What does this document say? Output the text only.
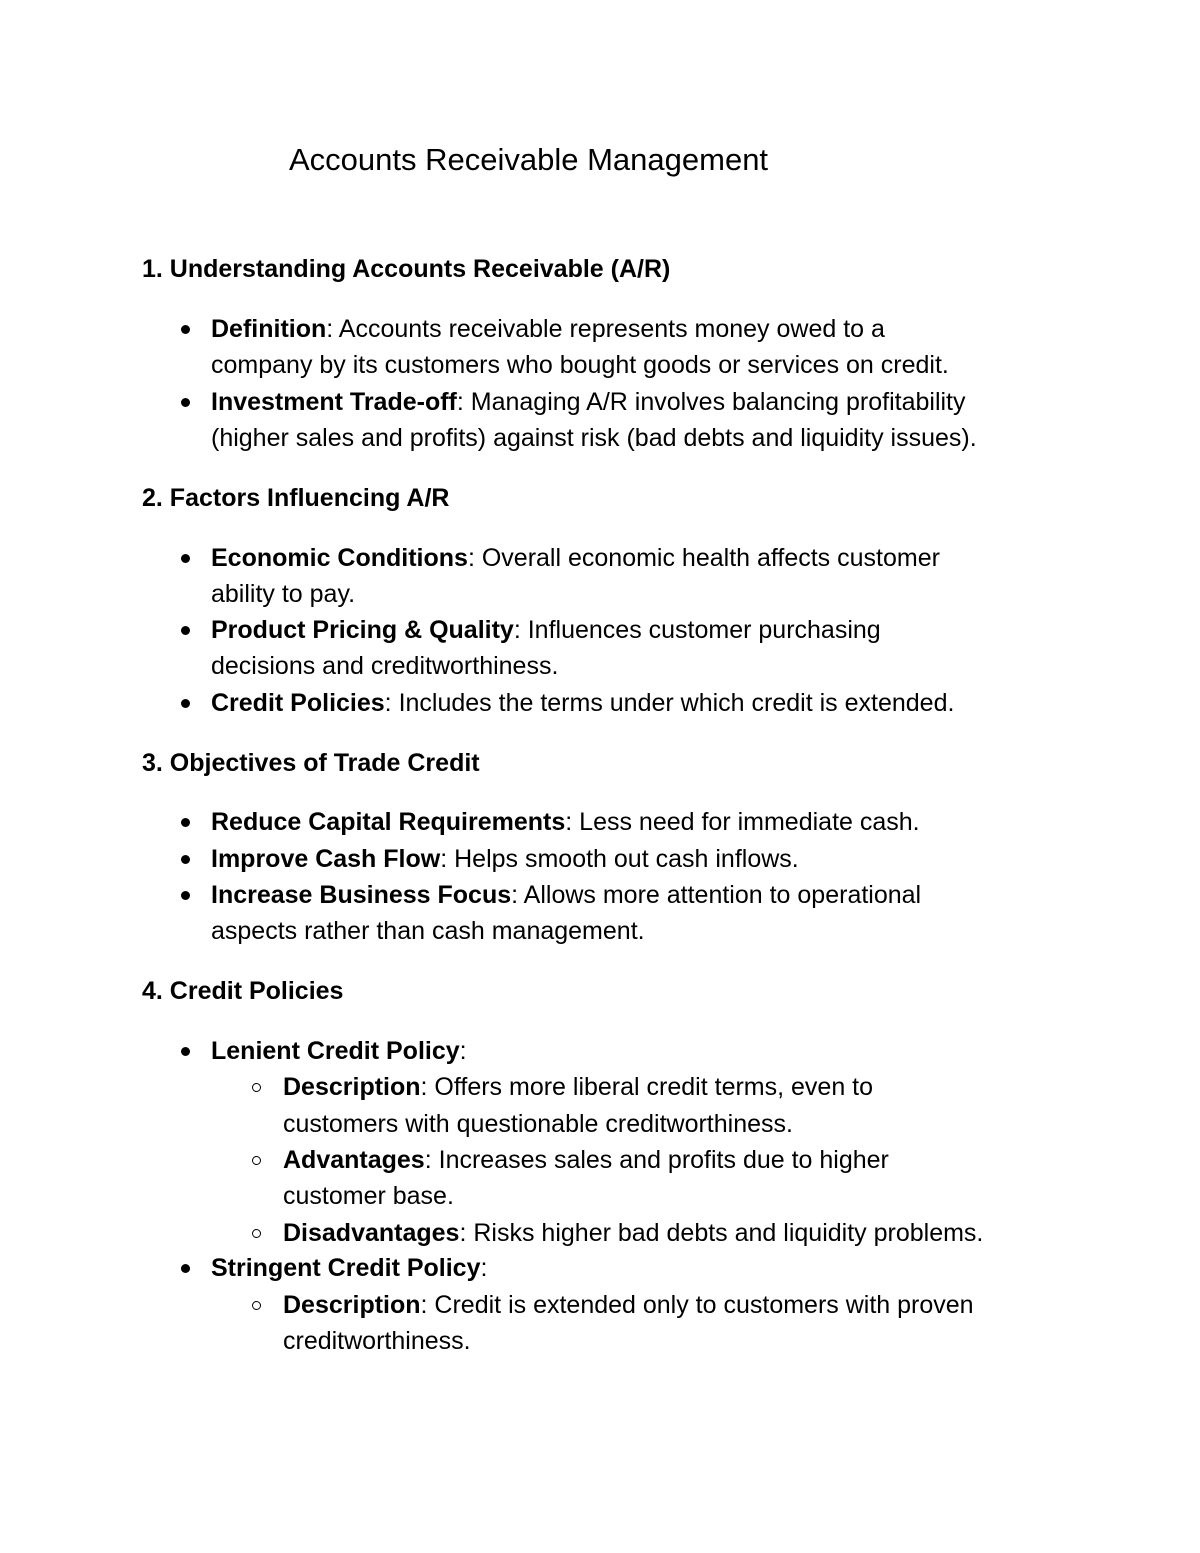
Accounts Receivable Management
1. Understanding Accounts Receivable (A/R)

Definition: Accounts receivable represents money owed to a

company by its customers who bought goods or services on credit.

Investment Trade-off: Managing A/R involves balancing profitability

(higher sales and profits) against risk (bad debts and liquidity issues).

2. Factors Influencing A/R

Economic Conditions: Overall economic health affects customer

ability to pay.

Product Pricing & Quality: Influences customer purchasing

decisions and creditworthiness.

Credit Policies: Includes the terms under which credit is extended.

3. Objectives of Trade Credit

Reduce Capital Requirements: Less need for immediate cash.

Improve Cash Flow: Helps smooth out cash inflows.

Increase Business Focus: Allows more attention to operational

aspects rather than cash management.

4. Credit Policies

Lenient Credit Policy:

Description: Offers more liberal credit terms, even to

customers with questionable creditworthiness.

Advantages: Increases sales and profits due to higher

customer base.

Disadvantages: Risks higher bad debts and liquidity problems.

Stringent Credit Policy:

Description: Credit is extended only to customers with proven

creditworthiness.
